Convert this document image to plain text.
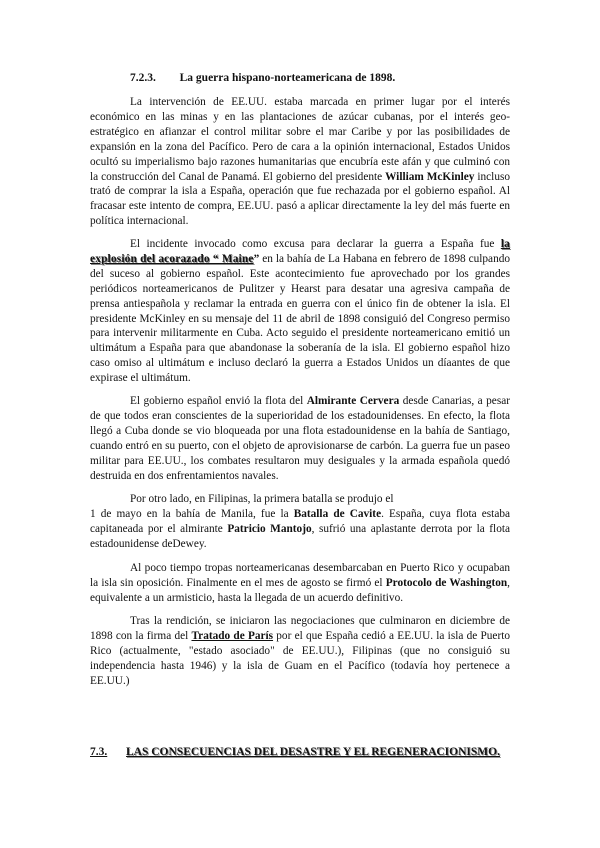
7.2.3. La guerra hispano-norteamericana de 1898.

La intervención de EE.UU. estaba marcada en primer lugar por el interés económico en las minas y en las plantaciones de azúcar cubanas, por el interés geo-estratégico en afianzar el control militar sobre el mar Caribe y por las posibilidades de expansión en la zona del Pacífico. Pero de cara a la opinión internacional, Estados Unidos ocultó su imperialismo bajo razones humanitarias que encubría este afán y que culminó con la construcción del Canal de Panamá. El gobierno del presidente William McKinley incluso trató de comprar la isla a España, operación que fue rechazada por el gobierno español. Al fracasar este intento de compra, EE.UU. pasó a aplicar directamente la ley del más fuerte en política internacional.

El incidente invocado como excusa para declarar la guerra a España fue la explosión del acorazado “ Maine” en la bahía de La Habana en febrero de 1898 culpando del suceso al gobierno español. Este acontecimiento fue aprovechado por los grandes periódicos norteamericanos de Pulitzer y Hearst para desatar una agresiva campaña de prensa antiespañola y reclamar la entrada en guerra con el único fin de obtener la isla. El presidente McKinley en su mensaje del 11 de abril de 1898 consiguió del Congreso permiso para intervenir militarmente en Cuba. Acto seguido el presidente norteamericano emitió un ultimátum a España para que abandonase la soberanía de la isla. El gobierno español hizo caso omiso al ultimátum e incluso declaró la guerra a Estados Unidos un díaantes de que expirase el ultimátum.

El gobierno español envió la flota del Almirante Cervera desde Canarias, a pesar de que todos eran conscientes de la superioridad de los estadounidenses. En efecto, la flota llegó a Cuba donde se vio bloqueada por una flota estadounidense en la bahía de Santiago, cuando entró en su puerto, con el objeto de aprovisionarse de carbón. La guerra fue un paseo militar para EE.UU., los combates resultaron muy desiguales y la armada española quedó destruida en dos enfrentamientos navales.

Por otro lado, en Filipinas, la primera batalla se produjo el

1 de mayo en la bahía de Manila, fue la Batalla de Cavite. España, cuya flota estaba capitaneada por el almirante Patricio Mantojo, sufrió una aplastante derrota por la flota estadounidense deDewey.

Al poco tiempo tropas norteamericanas desembarcaban en Puerto Rico y ocupaban la isla sin oposición. Finalmente en el mes de agosto se firmó el Protocolo de Washington, equivalente a un armisticio, hasta la llegada de un acuerdo definitivo.

Tras la rendición, se iniciaron las negociaciones que culminaron en diciembre de 1898 con la firma del Tratado de París por el que España cedió a EE.UU. la isla de Puerto Rico (actualmente, "estado asociado" de EE.UU.), Filipinas (que no consiguió su independencia hasta 1946) y la isla de Guam en el Pacífico (todavía hoy pertenece a EE.UU.)

7.3. LAS CONSECUENCIAS DEL DESASTRE Y EL REGENERACIONISMO.
